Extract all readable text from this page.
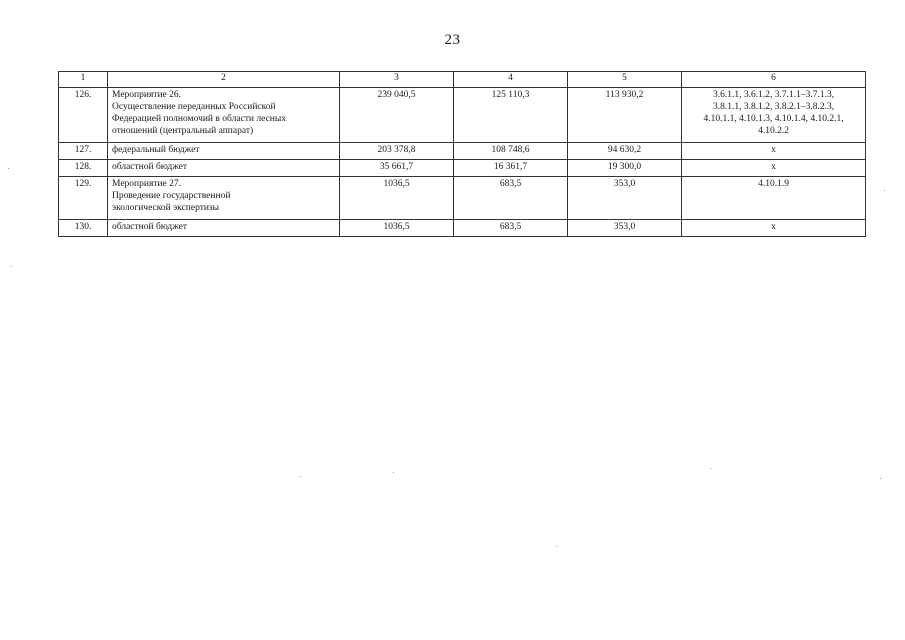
23
1	2	3	4	5	6
126.	Мероприятие 26.
Осуществление переданных Российской
Федерацией полномочий в области лесных
отношений (центральный аппарат)	239 040,5	125 110,3	113 930,2	3.6.1.1, 3.6.1.2, 3.7.1.1–3.7.1.3,
3.8.1.1, 3.8.1.2, 3.8.2.1–3.8.2.3,
4.10.1.1, 4.10.1.3, 4.10.1.4, 4.10.2.1,
4.10.2.2

127.	федеральный бюджет	203 378,8	108 748,6	94 630,2	х

128.	областной бюджет	35 661,7	16 361,7	19 300,0	х

129.	Мероприятие 27.
Проведение государственной
экологической экспертизы	1036,5	683,5	353,0	4.10.1.9

130.	областной бюджет	1036,5	683,5	353,0	х
